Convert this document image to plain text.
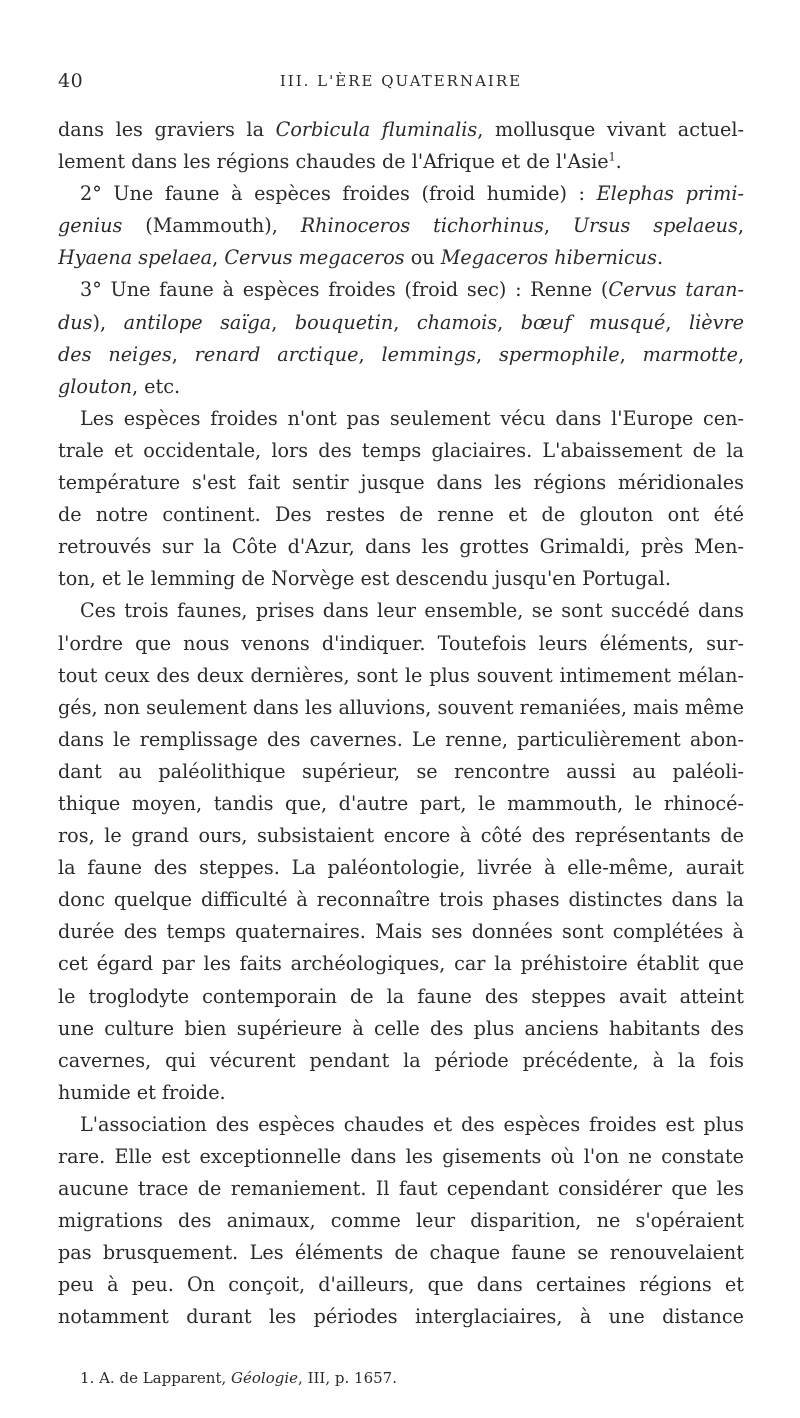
40	III. L'ÈRE QUATERNAIRE
dans les graviers la Corbicula fluminalis, mollusque vivant actuel-
lement dans les régions chaudes de l'Afrique et de l'Asie$^1$.
2° Une faune à espèces froides (froid humide) : Elephas primi-
genius (Mammouth), Rhinoceros tichorhinus, Ursus spelaeus,
Hyaena spelaea, Cervus megaceros ou Megaceros hibernicus.
3° Une faune à espèces froides (froid sec) : Renne (Cervus taran-
dus), antilope saïga, bouquetin, chamois, bœuf musqué, lièvre
des neiges, renard arctique, lemmings, spermophile, marmotte,
glouton, etc.
Les espèces froides n'ont pas seulement vécu dans l'Europe cen-
trale et occidentale, lors des temps glaciaires. L'abaissement de la
température s'est fait sentir jusque dans les régions méridionales
de notre continent. Des restes de renne et de glouton ont été
retrouvés sur la Côte d'Azur, dans les grottes Grimaldi, près Men-
ton, et le lemming de Norvège est descendu jusqu'en Portugal.
Ces trois faunes, prises dans leur ensemble, se sont succédé dans
l'ordre que nous venons d'indiquer. Toutefois leurs éléments, sur-
tout ceux des deux dernières, sont le plus souvent intimement mélan-
gés, non seulement dans les alluvions, souvent remaniées, mais même
dans le remplissage des cavernes. Le renne, particulièrement abon-
dant au paléolithique supérieur, se rencontre aussi au paléoli-
thique moyen, tandis que, d'autre part, le mammouth, le rhinocé-
ros, le grand ours, subsistaient encore à côté des représentants de
la faune des steppes. La paléontologie, livrée à elle-même, aurait
donc quelque difficulté à reconnaître trois phases distinctes dans la
durée des temps quaternaires. Mais ses données sont complétées à
cet égard par les faits archéologiques, car la préhistoire établit que
le troglodyte contemporain de la faune des steppes avait atteint
une culture bien supérieure à celle des plus anciens habitants des
cavernes, qui vécurent pendant la période précédente, à la fois
humide et froide.
L'association des espèces chaudes et des espèces froides est plus
rare. Elle est exceptionnelle dans les gisements où l'on ne constate
aucune trace de remaniement. Il faut cependant considérer que les
migrations des animaux, comme leur disparition, ne s'opéraient
pas brusquement. Les éléments de chaque faune se renouvelaient
peu à peu. On conçoit, d'ailleurs, que dans certaines régions et
notamment durant les périodes interglaciaires, à une distance
1. A. de Lapparent, Géologie, III, p. 1657.
